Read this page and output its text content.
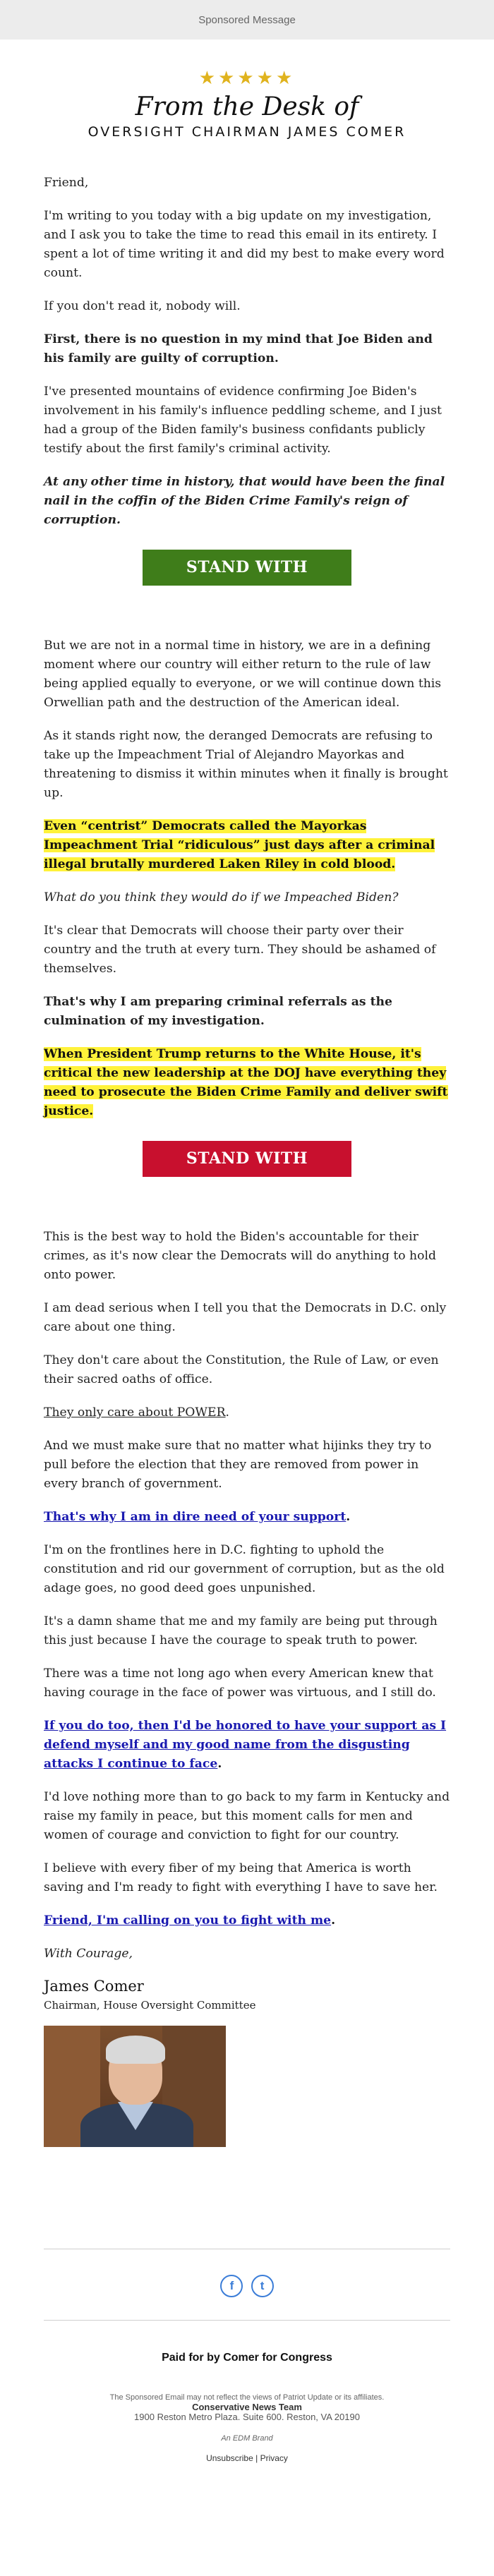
Sponsored Message
★★★★★
From the Desk of
OVERSIGHT CHAIRMAN JAMES COMER

Friend,

I'm writing to you today with a big update on my investigation, and I ask you to take the time to read this email in its entirety. I spent a lot of time writing it and did my best to make every word count.

If you don't read it, nobody will.

First, there is no question in my mind that Joe Biden and his family are guilty of corruption.

I've presented mountains of evidence confirming Joe Biden's involvement in his family's influence peddling scheme, and I just had a group of the Biden family's business confidants publicly testify about the first family's criminal activity.

At any other time in history, that would have been the final nail in the coffin of the Biden Crime Family's reign of corruption.

STAND WITH COMER

But we are not in a normal time in history, we are in a defining moment where our country will either return to the rule of law being applied equally to everyone, or we will continue down this Orwellian path and the destruction of the American ideal.

As it stands right now, the deranged Democrats are refusing to take up the Impeachment Trial of Alejandro Mayorkas and threatening to dismiss it within minutes when it finally is brought up.

Even “centrist” Democrats called the Mayorkas Impeachment Trial “ridiculous” just days after a criminal illegal brutally murdered Laken Riley in cold blood.

What do you think they would do if we Impeached Biden?

It's clear that Democrats will choose their party over their country and the truth at every turn. They should be ashamed of themselves.

That's why I am preparing criminal referrals as the culmination of my investigation.

When President Trump returns to the White House, it's critical the new leadership at the DOJ have everything they need to prosecute the Biden Crime Family and deliver swift justice.

STAND WITH COMER

This is the best way to hold the Biden's accountable for their crimes, as it's now clear the Democrats will do anything to hold onto power.

I am dead serious when I tell you that the Democrats in D.C. only care about one thing.

They don't care about the Constitution, the Rule of Law, or even their sacred oaths of office.

They only care about POWER.

And we must make sure that no matter what hijinks they try to pull before the election that they are removed from power in every branch of government.

That's why I am in dire need of your support.

I'm on the frontlines here in D.C. fighting to uphold the constitution and rid our government of corruption, but as the old adage goes, no good deed goes unpunished.

It's a damn shame that me and my family are being put through this just because I have the courage to speak truth to power.

There was a time not long ago when every American knew that having courage in the face of power was virtuous, and I still do.

If you do too, then I'd be honored to have your support as I defend myself and my good name from the disgusting attacks I continue to face.

I'd love nothing more than to go back to my farm in Kentucky and raise my family in peace, but this moment calls for men and women of courage and conviction to fight for our country.

I believe with every fiber of my being that America is worth saving and I'm ready to fight with everything I have to save her.

Friend, I'm calling on you to fight with me.

With Courage,

James Comer
Chairman, House Oversight Committee
f t
Paid for by Comer for Congress
The Sponsored Email may not reflect the views of Patriot Update or its affiliates.
Conservative News Team
1900 Reston Metro Plaza. Suite 600. Reston, VA 20190
An EDM Brand
Unsubscribe | Privacy
